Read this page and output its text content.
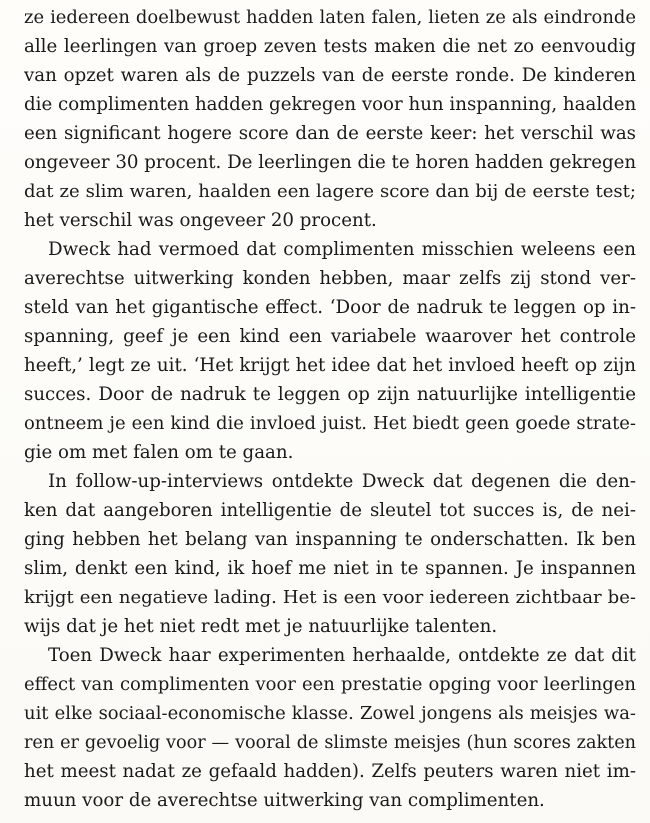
ze iedereen doelbewust hadden laten falen, lieten ze als eindronde
alle leerlingen van groep zeven tests maken die net zo eenvoudig
van opzet waren als de puzzels van de eerste ronde. De kinderen
die complimenten hadden gekregen voor hun inspanning, haalden
een significant hogere score dan de eerste keer: het verschil was
ongeveer 30 procent. De leerlingen die te horen hadden gekregen
dat ze slim waren, haalden een lagere score dan bij de eerste test;
het verschil was ongeveer 20 procent.
Dweck had vermoed dat complimenten misschien weleens een
averechtse uitwerking konden hebben, maar zelfs zij stond ver-
steld van het gigantische effect. ‘Door de nadruk te leggen op in-
spanning, geef je een kind een variabele waarover het controle
heeft,’ legt ze uit. ‘Het krijgt het idee dat het invloed heeft op zijn
succes. Door de nadruk te leggen op zijn natuurlijke intelligentie
ontneem je een kind die invloed juist. Het biedt geen goede strate-
gie om met falen om te gaan.
In follow-up-interviews ontdekte Dweck dat degenen die den-
ken dat aangeboren intelligentie de sleutel tot succes is, de nei-
ging hebben het belang van inspanning te onderschatten. Ik ben
slim, denkt een kind, ik hoef me niet in te spannen. Je inspannen
krijgt een negatieve lading. Het is een voor iedereen zichtbaar be-
wijs dat je het niet redt met je natuurlijke talenten.
Toen Dweck haar experimenten herhaalde, ontdekte ze dat dit
effect van complimenten voor een prestatie opging voor leerlingen
uit elke sociaal-economische klasse. Zowel jongens als meisjes wa-
ren er gevoelig voor — vooral de slimste meisjes (hun scores zakten
het meest nadat ze gefaald hadden). Zelfs peuters waren niet im-
muun voor de averechtse uitwerking van complimenten.
